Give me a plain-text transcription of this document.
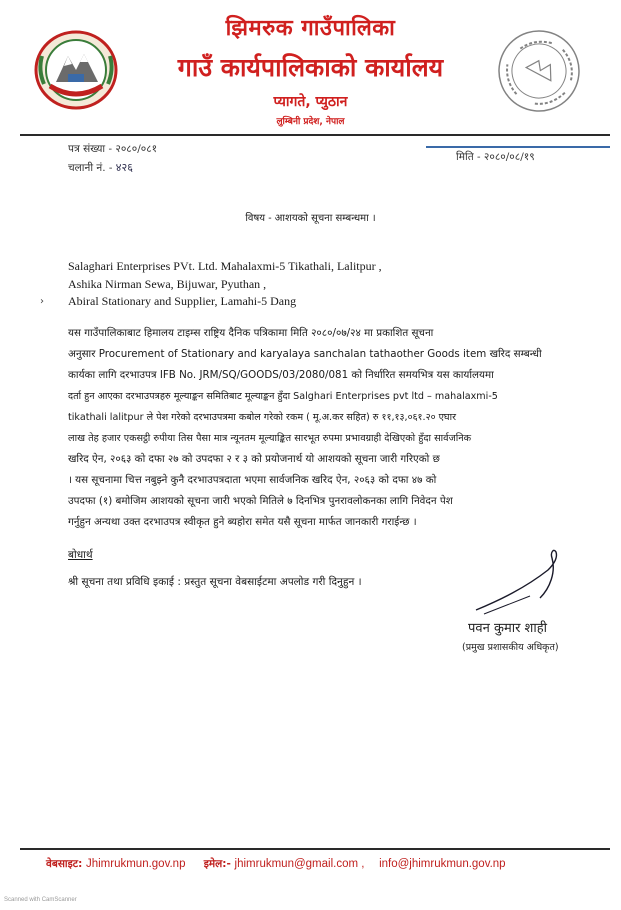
झिमरुक गाउँपालिका
गाउँ कार्यपालिकाको कार्यालय
प्यागते, प्युठान
लुम्बिनी प्रदेश, नेपाल
पत्र संख्या - २०८०/०८१
चलानी नं. - ४२६
मिति - २०८०/०८/१९
विषय - आशयको सूचना सम्बन्धमा ।
Salaghari Enterprises PVt. Ltd. Mahalaxmi-5 Tikathali, Lalitpur ,
Ashika Nirman Sewa, Bijuwar, Pyuthan ,
Abiral Stationary and Supplier, Lamahi-5 Dang
›
यस गाउँपालिकाबाट हिमालय टाइम्स राष्ट्रिय दैनिक पत्रिकामा मिति २०८०/०७/२४ मा प्रकाशित सूचना
अनुसार Procurement of Stationary and karyalaya sanchalan tathaother Goods item खरिद सम्बन्धी
कार्यका लागि दरभाउपत्र IFB No. JRM/SQ/GOODS/03/2080/081 को निर्धारित समयभित्र यस कार्यालयमा
दर्ता हुन आएका दरभाउपत्रहरु मूल्याङ्कन समितिबाट मूल्याङ्कन हुँदा Salghari Enterprises pvt ltd – mahalaxmi-5
tikathali lalitpur ले पेश गरेको दरभाउपत्रमा कबोल गरेको रकम ( मू.अ.कर सहित) रु ११,१३,०६१.२० एघार
लाख तेह हजार एकसट्ठी रुपीया तिस पैसा मात्र न्यूनतम मूल्याङ्कित सारभूत रुपमा प्रभावग्राही देखिएको हुँदा सार्वजनिक
खरिद ऐन, २०६३ को दफा २७ को उपदफा २ र ३ को प्रयोजनार्थ यो आशयको सूचना जारी गरिएको छ
। यस सूचनामा चित्त नबुझ्ने कुनै दरभाउपत्रदाता भएमा सार्वजनिक खरिद ऐन, २०६३ को दफा ४७ को
उपदफा (१) बमोजिम आशयको सूचना जारी भएको मितिले ७ दिनभित्र पुनरावलोकनका लागि निवेदन पेश
गर्नुहुन अन्यथा उक्त दरभाउपत्र स्वीकृत हुने ब्यहोरा समेत यसै सूचना मार्फत जानकारी गराईन्छ ।
बोधार्थ
श्री सूचना तथा प्रविधि इकाई : प्रस्तुत सूचना वेबसाईटमा अपलोड गरी दिनुहुन ।
पवन कुमार शाही
(प्रमुख प्रशासकीय अधिकृत)
वेबसाइट: Jhimrukmun.gov.np इमेल:- jhimrukmun@gmail.com , info@jhimrukmun.gov.np
Scanned with CamScanner
